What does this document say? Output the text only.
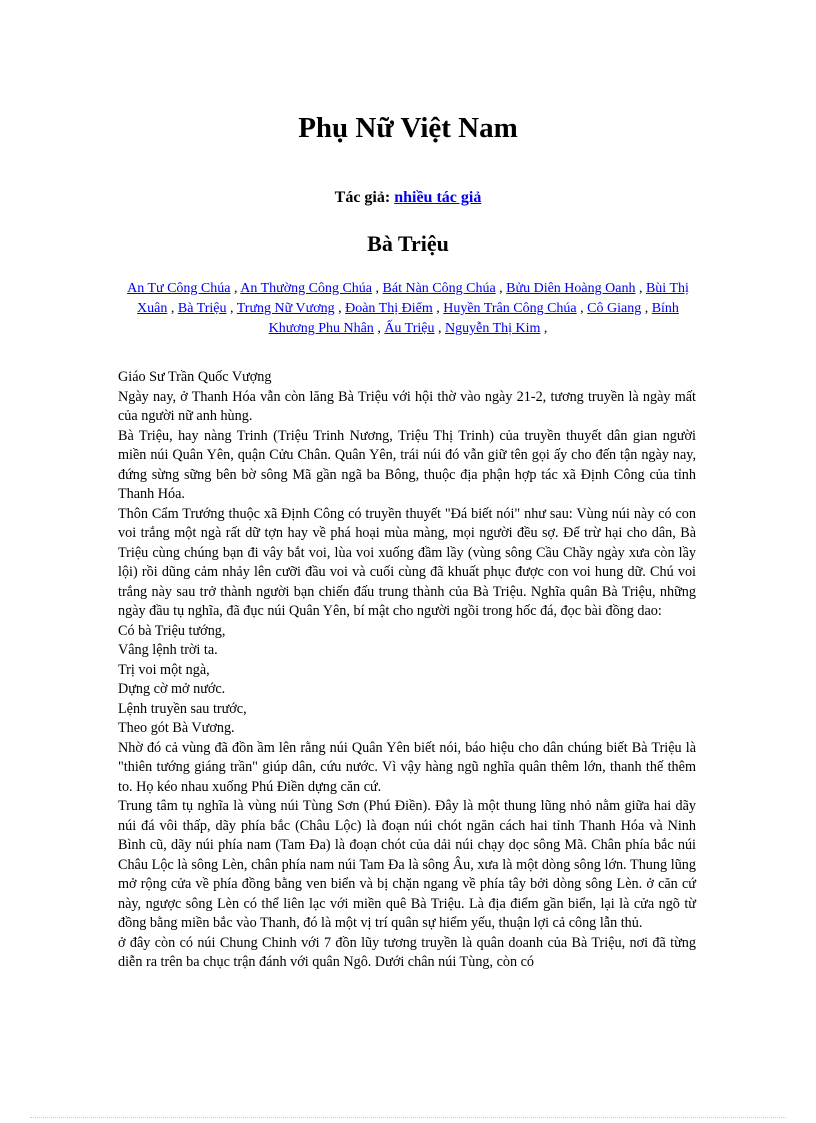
Phụ Nữ Việt Nam
Tác giả: nhiều tác giả
Bà Triệu
An Tư Công Chúa , An Thường Công Chúa , Bát Nàn Công Chúa , Bửu Diên Hoàng Oanh , Bùi Thị Xuân , Bà Triệu , Trưng Nữ Vương , Đoàn Thị Điểm , Huyền Trân Công Chúa , Cô Giang , Bính Khương Phu Nhân , Ấu Triệu , Nguyễn Thị Kim ,

Giáo Sư Trần Quốc Vượng

Ngày nay, ở Thanh Hóa vẫn còn lăng Bà Triệu với hội thờ vào ngày 21-2, tương truyền là ngày mất của người nữ anh hùng.

Bà Triệu, hay nàng Trinh (Triệu Trinh Nương, Triệu Thị Trinh) của truyền thuyết dân gian người miền núi Quân Yên, quận Cửu Chân. Quân Yên, trái núi đó vẫn giữ tên gọi ấy cho đến tận ngày nay, đứng sừng sững bên bờ sông Mã gần ngã ba Bông, thuộc địa phận hợp tác xã Định Công của tỉnh Thanh Hóa.

Thôn Cẩm Trướng thuộc xã Định Công có truyền thuyết "Đá biết nói" như sau: Vùng núi này có con voi trắng một ngà rất dữ tợn hay về phá hoại mùa màng, mọi người đều sợ. Để trừ hại cho dân, Bà Triệu cùng chúng bạn đi vây bắt voi, lùa voi xuống đầm lầy (vùng sông Cầu Chầy ngày xưa còn lầy lội) rồi dũng cảm nhảy lên cưỡi đầu voi và cuối cùng đã khuất phục được con voi hung dữ. Chú voi trắng này sau trở thành người bạn chiến đấu trung thành của Bà Triệu. Nghĩa quân Bà Triệu, những ngày đầu tụ nghĩa, đã đục núi Quân Yên, bí mật cho người ngồi trong hốc đá, đọc bài đồng dao:

Có bà Triệu tướng,

Vâng lệnh trời ta.

Trị voi một ngà,

Dựng cờ mở nước.

Lệnh truyền sau trước,

Theo gót Bà Vương.

Nhờ đó cả vùng đã đồn ầm lên rằng núi Quân Yên biết nói, báo hiệu cho dân chúng biết Bà Triệu là "thiên tướng giáng trần" giúp dân, cứu nước. Vì vậy hàng ngũ nghĩa quân thêm lớn, thanh thế thêm to. Họ kéo nhau xuống Phú Điền dựng căn cứ.

Trung tâm tụ nghĩa là vùng núi Tùng Sơn (Phú Điền). Đây là một thung lũng nhỏ nằm giữa hai dãy núi đá vôi thấp, dãy phía bắc (Châu Lộc) là đoạn núi chót ngăn cách hai tỉnh Thanh Hóa và Ninh Bình cũ, dãy núi phía nam (Tam Đa) là đoạn chót của dải núi chạy dọc sông Mã. Chân phía bắc núi Châu Lộc là sông Lèn, chân phía nam núi Tam Đa là sông Âu, xưa là một dòng sông lớn. Thung lũng mở rộng cửa về phía đồng bằng ven biển và bị chặn ngang về phía tây bởi dòng sông Lèn. ở căn cứ này, ngược sông Lèn có thể liên lạc với miền quê Bà Triệu. Là địa điểm gần biển, lại là cửa ngõ từ đồng bằng miền bắc vào Thanh, đó là một vị trí quân sự hiểm yếu, thuận lợi cả công lẫn thủ.

ở đây còn có núi Chung Chinh với 7 đồn lũy tương truyền là quân doanh của Bà Triệu, nơi đã từng diễn ra trên ba chục trận đánh với quân Ngô. Dưới chân núi Tùng, còn có
